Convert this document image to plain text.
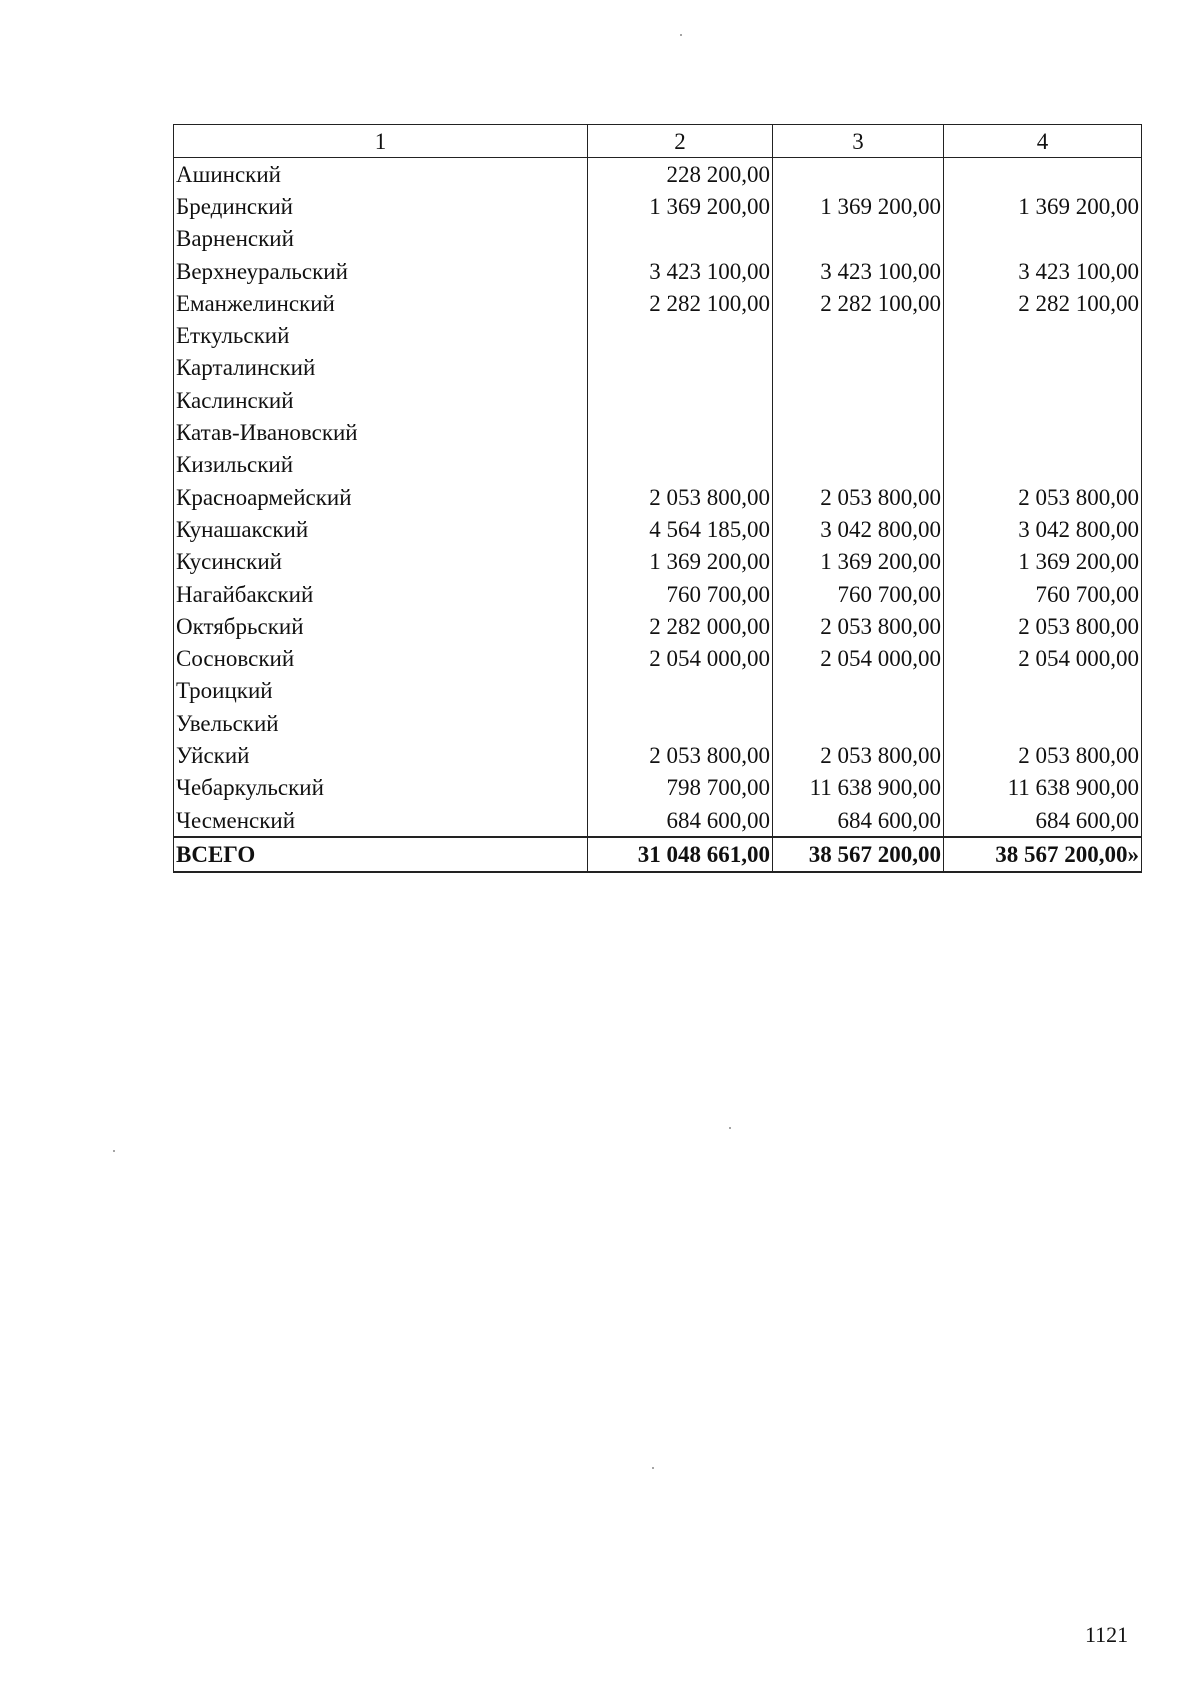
1	2	3	4
Ашинский	228 200,00		
Брединский	1 369 200,00	1 369 200,00	1 369 200,00
Варненский			
Верхнеуральский	3 423 100,00	3 423 100,00	3 423 100,00
Еманжелинский	2 282 100,00	2 282 100,00	2 282 100,00
Еткульский			
Карталинский			
Каслинский			
Катав-Ивановский			
Кизильский			
Красноармейский	2 053 800,00	2 053 800,00	2 053 800,00
Кунашакский	4 564 185,00	3 042 800,00	3 042 800,00
Кусинский	1 369 200,00	1 369 200,00	1 369 200,00
Нагайбакский	760 700,00	760 700,00	760 700,00
Октябрьский	2 282 000,00	2 053 800,00	2 053 800,00
Сосновский	2 054 000,00	2 054 000,00	2 054 000,00
Троицкий			
Увельский			
Уйский	2 053 800,00	2 053 800,00	2 053 800,00
Чебаркульский	798 700,00	11 638 900,00	11 638 900,00
Чесменский	684 600,00	684 600,00	684 600,00
ВСЕГО	31 048 661,00	38 567 200,00	38 567 200,00»
1121
